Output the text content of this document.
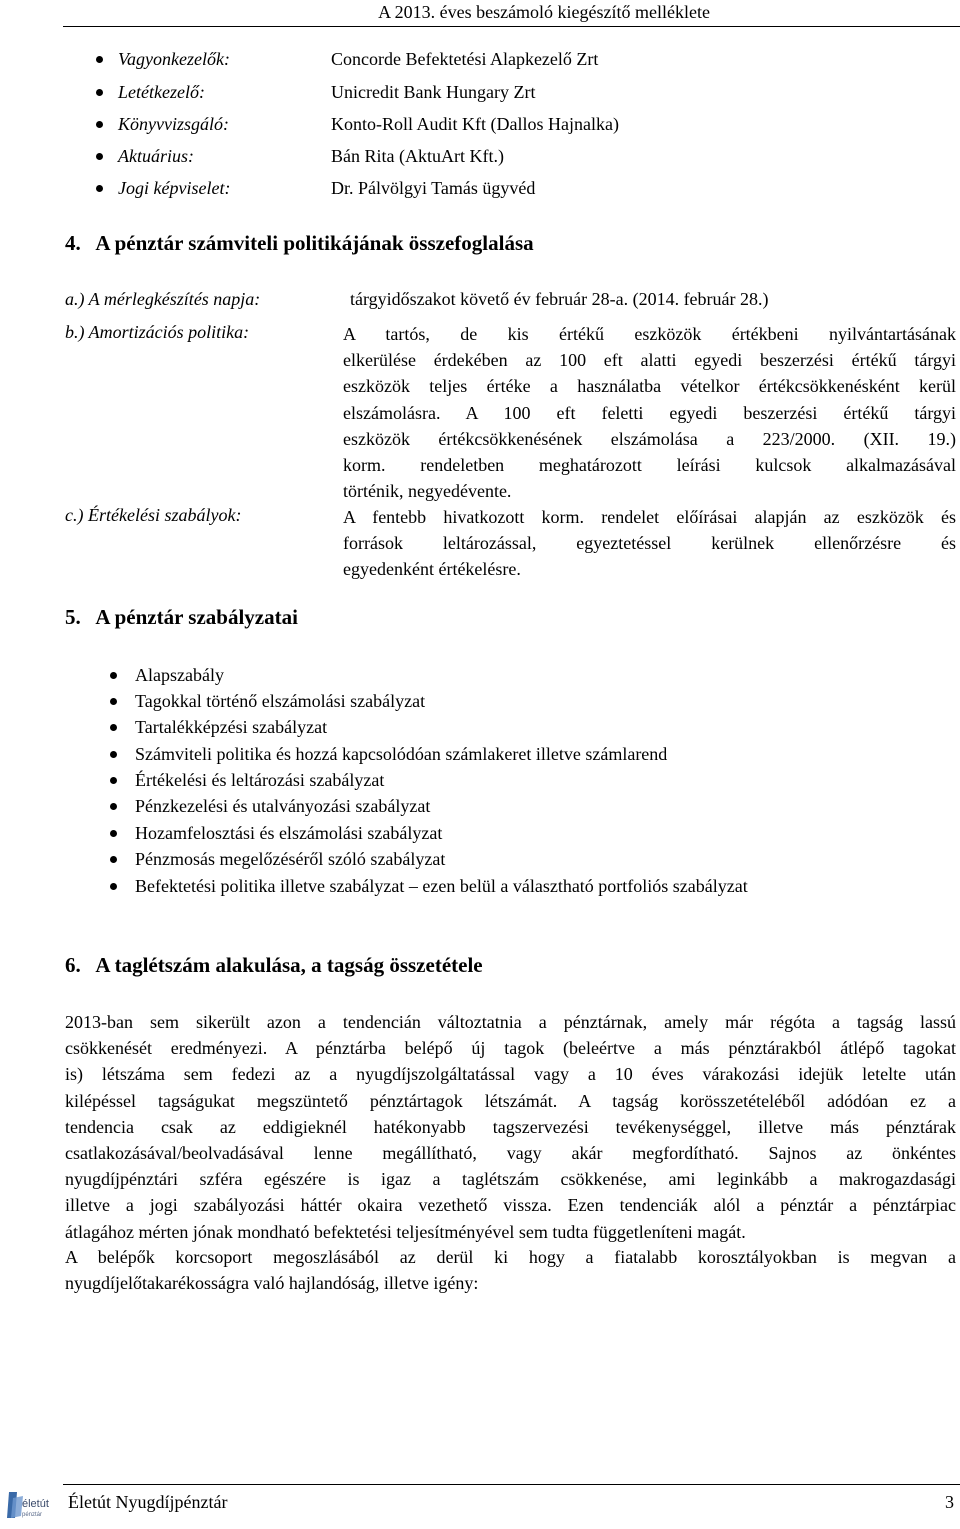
A 2013. éves beszámoló kiegészítő melléklete
Vagyonkezelők:	Concorde Befektetési Alapkezelő Zrt
Letétkezelő:	Unicredit Bank Hungary Zrt
Könyvvizsgáló:	Konto-Roll Audit Kft (Dallos Hajnalka)
Aktuárius:	Bán Rita (AktuArt Kft.)
Jogi képviselet:	Dr. Pálvölgyi Tamás ügyvéd
4.   A pénztár számviteli politikájának összefoglalása
a.) A mérlegkészítés napja:	tárgyidőszakot követő év február 28-a. (2014. február 28.)
b.) Amortizációs politika:	A tartós, de kis értékű eszközök értékbeni nyilvántartásának
elkerülése érdekében az 100 eft alatti egyedi beszerzési értékű tárgyi
eszközök teljes értéke a használatba vételkor értékcsökkenésként kerül
elszámolásra. A 100 eft feletti egyedi beszerzési értékű tárgyi
eszközök értékcsökkenésének elszámolása a 223/2000. (XII. 19.)
korm. rendeletben meghatározott leírási kulcsok alkalmazásával
történik, negyedévente.
c.) Értékelési szabályok:	A fentebb hivatkozott korm. rendelet előírásai alapján az eszközök és
források leltározással, egyeztetéssel kerülnek ellenőrzésre és
egyedenként értékelésre.
5.   A pénztár szabályzatai
Alapszabály
Tagokkal történő elszámolási szabályzat
Tartalékképzési szabályzat
Számviteli politika és hozzá kapcsolódóan számlakeret illetve számlarend
Értékelési és leltározási szabályzat
Pénzkezelési és utalványozási szabályzat
Hozamfelosztási és elszámolási szabályzat
Pénzmosás megelőzéséről szóló szabályzat
Befektetési politika illetve szabályzat – ezen belül a választható portfoliós szabályzat
6.   A taglétszám alakulása, a tagság összetétele
2013-ban sem sikerült azon a tendencián változtatnia a pénztárnak, amely már régóta a tagság lassú
csökkenését eredményezi. A pénztárba belépő új tagok (beleértve a más pénztárakból átlépő tagokat
is) létszáma sem fedezi az a nyugdíjszolgáltatással vagy a 10 éves várakozási idejük letelte után
kilépéssel tagságukat megszüntető pénztártagok létszámát. A tagság korösszetételéből adódóan ez a
tendencia csak az eddigieknél hatékonyabb tagszervezési tevékenységgel, illetve más pénztárak
csatlakozásával/beolvadásával lenne megállítható, vagy akár megfordítható. Sajnos az önkéntes
nyugdíjpénztári szféra egészére is igaz a taglétszám csökkenése, ami leginkább a makrogazdasági
illetve a jogi szabályozási háttér okaira vezethető vissza. Ezen tendenciák alól a pénztár a pénztárpiac
átlagához mérten jónak mondható befektetési teljesítményével sem tudta függetleníteni magát.
A belépők korcsoport megoszlásából az derül ki hogy a fiatalabb korosztályokban is megvan a
nyugdíjelőtakarékosságra való hajlandóság, illetve igény:
életút
pénztár
Életút Nyugdíjpénztár	3
